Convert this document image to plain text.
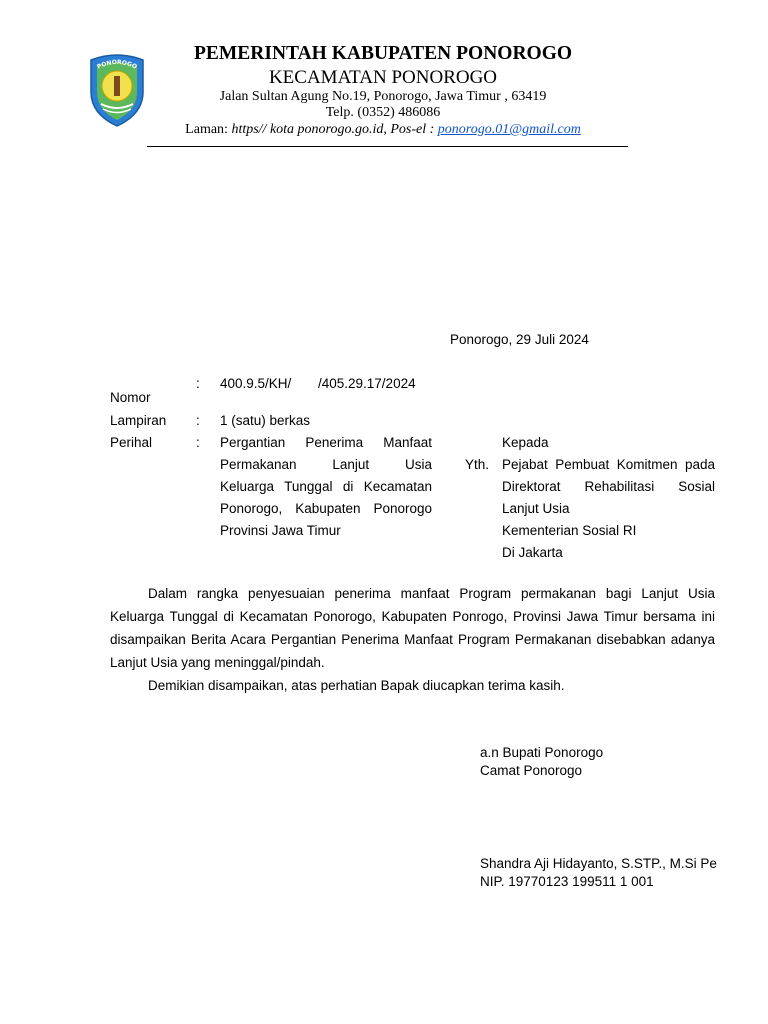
PONOROGO
PEMERINTAH KABUPATEN PONOROGO
KECAMATAN PONOROGO
Jalan Sultan Agung No.19, Ponorogo, Jawa Timur , 63419
Telp. (0352) 486086
Laman: https// kota ponorogo.go.id, Pos-el : ponorogo.01@gmail.com
Ponorogo, 29 Juli 2024
Nomor
: 400.9.5/KH/ /405.29.17/2024
Lampiran : 1 (satu) berkas
Perihal	: Pergantian Penerima Manfaat
Permakanan Lanjut Usia
Keluarga Tunggal di Kecamatan
Ponorogo, Kabupaten Ponorogo
Provinsi Jawa Timur
Kepada
Yth. Pejabat Pembuat Komitmen pada
Direktorat Rehabilitasi Sosial
Lanjut Usia
Kementerian Sosial RI
Di Jakarta
Dalam rangka penyesuaian penerima manfaat Program permakanan bagi Lanjut Usia Keluarga Tunggal di Kecamatan Ponorogo, Kabupaten Ponrogo, Provinsi Jawa Timur bersama ini disampaikan Berita Acara Pergantian Penerima Manfaat Program Permakanan disebabkan adanya Lanjut Usia yang meninggal/pindah.
Demikian disampaikan, atas perhatian Bapak diucapkan terima kasih.
a.n Bupati Ponorogo
Camat Ponorogo
Shandra Aji Hidayanto, S.STP., M.Si Pe
NIP. 19770123 199511 1 001
